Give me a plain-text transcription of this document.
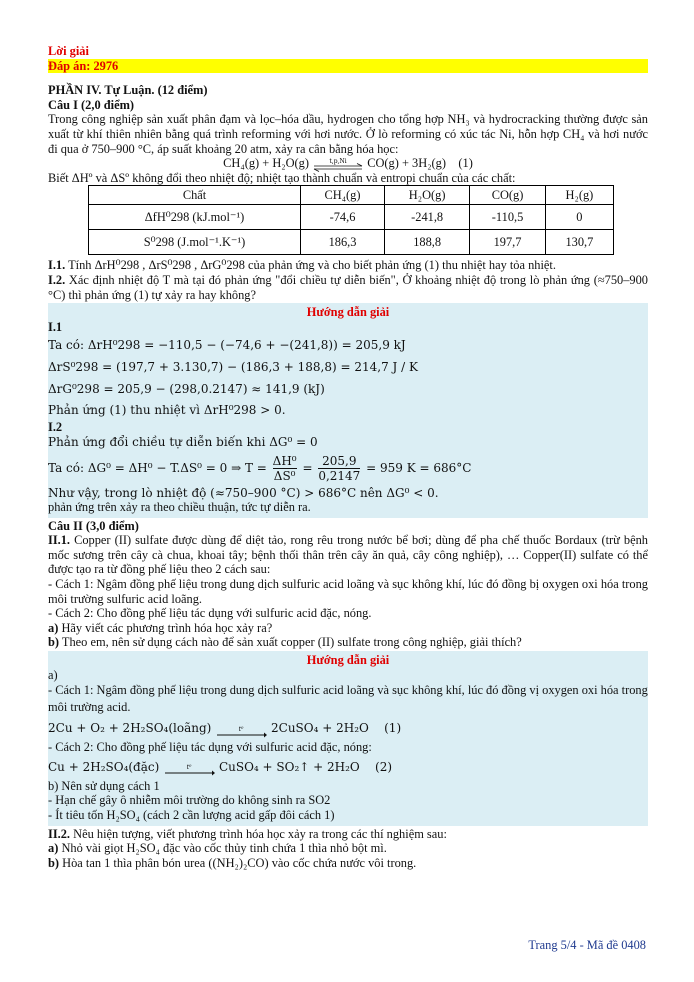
Lời giải

Đáp án: 2976

PHẦN IV. Tự Luận. (12 điểm)

Câu I (2,0 điểm)

Trong công nghiệp sản xuất phân đạm và lọc–hóa dầu, hydrogen cho tổng hợp NH₃ và hydrocracking thường được sản xuất từ khí thiên nhiên bằng quá trình reforming với hơi nước. Ở lò reforming có xúc tác Ni, hỗn hợp CH₄ và hơi nước đi qua ở 750–900 °C, áp suất khoảng 20 atm, xảy ra cân bằng hóa học:

CH₄(g) + H₂O(g)	t,p,Ni CO(g) + 3H₂(g) (1)

Biết ΔHº và ΔSº không đổi theo nhiệt độ; nhiệt tạo thành chuẩn và entropi chuẩn của các chất:

Chất	CH₄(g)	H₂O(g)	CO(g)	H₂(g)
ΔfH⁰298 (kJ.mol⁻¹)	-74,6	-241,8	-110,5	0
S⁰298 (J.mol⁻¹.K⁻¹)	186,3	188,8	197,7	130,7

I.1. Tính ΔrH⁰298 , ΔrS⁰298 , ΔrG⁰298 của phản ứng và cho biết phản ứng (1) thu nhiệt hay tỏa nhiệt.

I.2. Xác định nhiệt độ T mà tại đó phản ứng "đổi chiều tự diễn biến", Ở khoảng nhiệt độ trong lò phản ứng (≈750–900 °C) thì phản ứng (1) tự xảy ra hay không?

Hướng dẫn giải

I.1

Ta có: ΔrH⁰298 = −110,5 − (−74,6 + −(241,8)) = 205,9 kJ

ΔrS⁰298 = (197,7 + 3.130,7) − (186,3 + 188,8) = 214,7 J / K

ΔrG⁰298 = 205,9 − (298,0.2147) ≈ 141,9 (kJ)

Phản ứng (1) thu nhiệt vì ΔrH⁰298 > 0.

I.2

Phản ứng đổi chiều tự diễn biến khi ΔG⁰ = 0

Ta có: ΔG⁰ = ΔH⁰ − T.ΔS⁰ = 0 ⇒ $T = \frac{\text{ΔH⁰}}{\text{ΔS⁰}} = \frac{205,9}{0,2147} = 959$ K = 686°C

Như vậy, trong lò nhiệt độ (≈750–900 °C) > 686°C nên ΔG⁰ < 0.

phản ứng trên xảy ra theo chiều thuận, tức tự diễn ra.

Câu II (3,0 điểm)

II.1. Copper (II) sulfate được dùng để diệt tảo, rong rêu trong nước bể bơi; dùng để pha chế thuốc Bordaux (trừ bệnh mốc sương trên cây cà chua, khoai tây; bệnh thối thân trên cây ăn quả, cây công nghiệp), … Copper(II) sulfate có thể được tạo ra từ đồng phế liệu theo 2 cách sau:

- Cách 1: Ngâm đồng phế liệu trong dung dịch sulfuric acid loãng và sục không khí, lúc đó đồng bị oxygen oxi hóa trong môi trường sulfuric acid loãng.

- Cách 2: Cho đồng phế liệu tác dụng với sulfuric acid đặc, nóng.

a) Hãy viết các phương trình hóa học xảy ra?

b) Theo em, nên sử dụng cách nào để sản xuất copper (II) sulfate trong công nghiệp, giải thích?

Hướng dẫn giải

a)

- Cách 1: Ngâm đồng phế liệu trong dung dịch sulfuric acid loãng và sục không khí, lúc đó đồng vị oxygen oxi hóa trong môi trường acid.

2Cu + O₂ + 2H₂SO₄(loãng)	t⁰ 2CuSO₄ + 2H₂O (1)

- Cách 2: Cho đồng phế liệu tác dụng với sulfuric acid đặc, nóng:

Cu + 2H₂SO₄(đặc)	t⁰ CuSO₄ + SO₂↑ + 2H₂O (2)

b) Nên sử dụng cách 1

- Hạn chế gây ô nhiễm môi trường do không sinh ra SO2

- Ít tiêu tốn H₂SO₄ (cách 2 cần lượng acid gấp đôi cách 1)

II.2. Nêu hiện tượng, viết phương trình hóa học xảy ra trong các thí nghiệm sau:

a) Nhỏ vài giọt H₂SO₄ đặc vào cốc thủy tinh chứa 1 thìa nhỏ bột mì.

b) Hòa tan 1 thìa phân bón urea ((NH₂)₂CO) vào cốc chứa nước vôi trong.

Trang 5/4 - Mã đề 0408
